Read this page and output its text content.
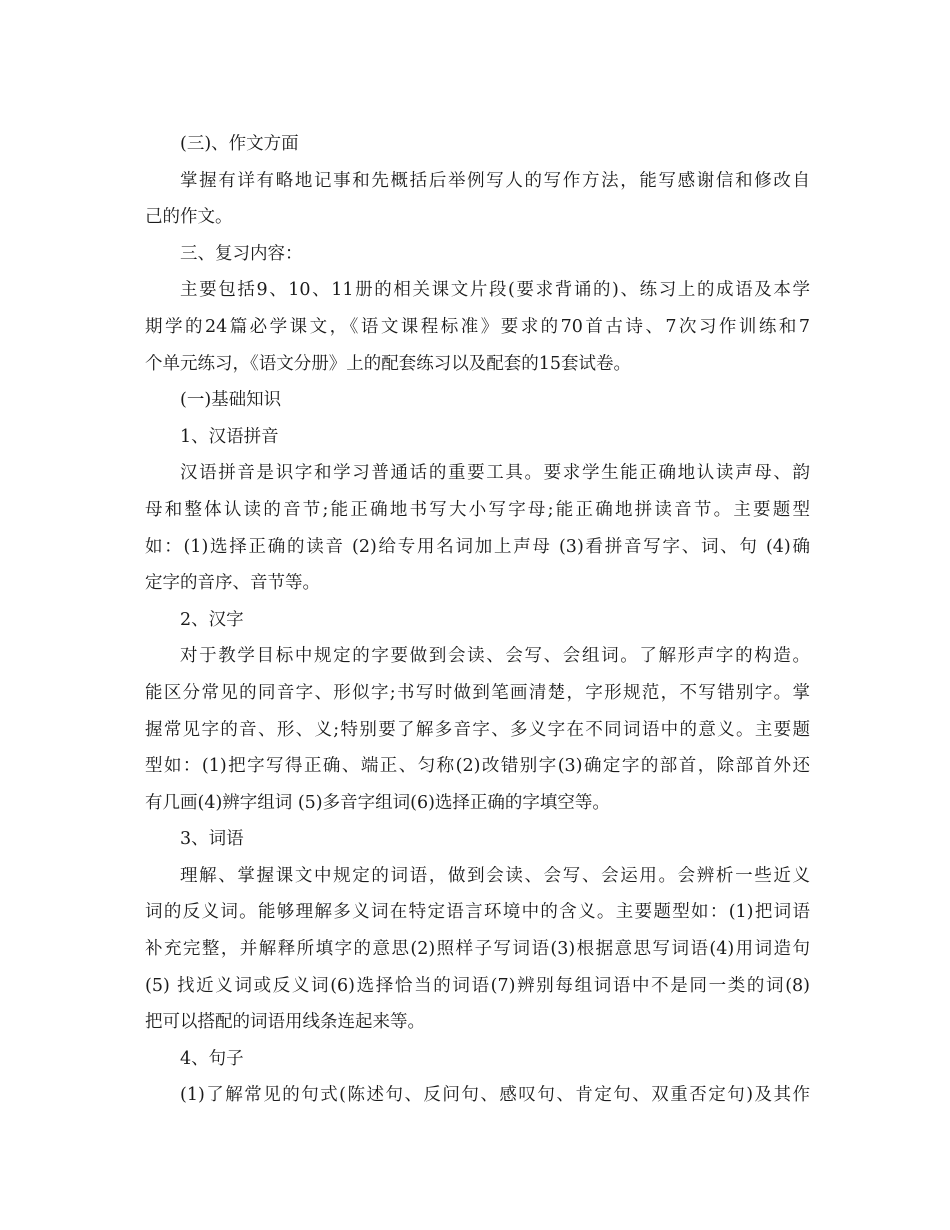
(三)、作文方面
掌握有详有略地记事和先概括后举例写人的写作方法，能写感谢信和修改自
己的作文。
三、复习内容：
主要包括9、10、11册的相关课文片段(要求背诵的)、练习上的成语及本学
期学的24篇必学课文，《语文课程标准》要求的70首古诗、7次习作训练和7
个单元练习，《语文分册》上的配套练习以及配套的15套试卷。
(一)基础知识
1、汉语拼音
汉语拼音是识字和学习普通话的重要工具。要求学生能正确地认读声母、韵
母和整体认读的音节;能正确地书写大小写字母;能正确地拼读音节。主要题型
如：(1)选择正确的读音 (2)给专用名词加上声母 (3)看拼音写字、词、句 (4)确
定字的音序、音节等。
2、汉字
对于教学目标中规定的字要做到会读、会写、会组词。了解形声字的构造。
能区分常见的同音字、形似字;书写时做到笔画清楚，字形规范，不写错别字。掌
握常见字的音、形、义;特别要了解多音字、多义字在不同词语中的意义。主要题
型如：(1)把字写得正确、端正、匀称(2)改错别字(3)确定字的部首，除部首外还
有几画(4)辨字组词 (5)多音字组词(6)选择正确的字填空等。
3、词语
理解、掌握课文中规定的词语，做到会读、会写、会运用。会辨析一些近义
词的反义词。能够理解多义词在特定语言环境中的含义。主要题型如：(1)把词语
补充完整，并解释所填字的意思(2)照样子写词语(3)根据意思写词语(4)用词造句
(5) 找近义词或反义词(6)选择恰当的词语(7)辨别每组词语中不是同一类的词(8)
把可以搭配的词语用线条连起来等。
4、句子
(1)了解常见的句式(陈述句、反问句、感叹句、肯定句、双重否定句)及其作
